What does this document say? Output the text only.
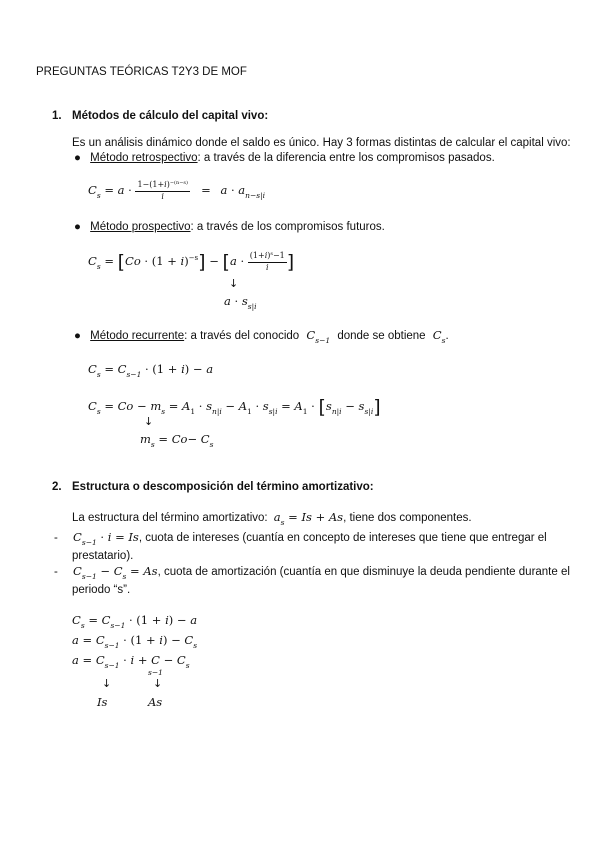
PREGUNTAS TEÓRICAS T2Y3 DE MOF
1. Métodos de cálculo del capital vivo:
Es un análisis dinámico donde el saldo es único. Hay 3 formas distintas de calcular el capital vivo:
● Método retrospectivo: a través de la diferencia entre los compromisos pasados.
$C_s = a \cdot \frac{1-(1+i)^{-(n-s)}}{i} = a \cdot a_{n-s|i}$
● Método prospectivo: a través de los compromisos futuros.
$C_s = [Co \cdot (1 + i)^{-s}] - [a \cdot \frac{(1+i)^s-1}{i}$ ]
↓
$a \cdot s_{s|i}$
● Método recurrente: a través del conocido $C_{s-1}$ donde se obtiene $C_s$.
$C_s = C_{s-1} \cdot (1 + i) - a$
$C_s = Co - m_s = A_1 \cdot s_{n|i} - A_1 \cdot s_{s|i} = A_1 \cdot [s_{n|i} - s_{s|i}]$
↓
$m_s = Co- C_s$
2. Estructura o descomposición del término amortizativo:
La estructura del término amortizativo: $a_s = Is + As$, tiene dos componentes.
- $C_{s-1} \cdot i = Is$, cuota de intereses (cuantía en concepto de intereses que tiene que entregar el
prestatario).
- $C_{s-1} - C_s = As$, cuota de amortización (cuantía en que disminuye la deuda pendiente durante el
periodo “s”.
$C_s = C_{s-1} \cdot (1 + i) - a$
$a = C_{s-1} \cdot (1 + i) - C_s$
$a = C_{s-1} \cdot i + C - C_s$
s−1
↓	↓
Is	As
